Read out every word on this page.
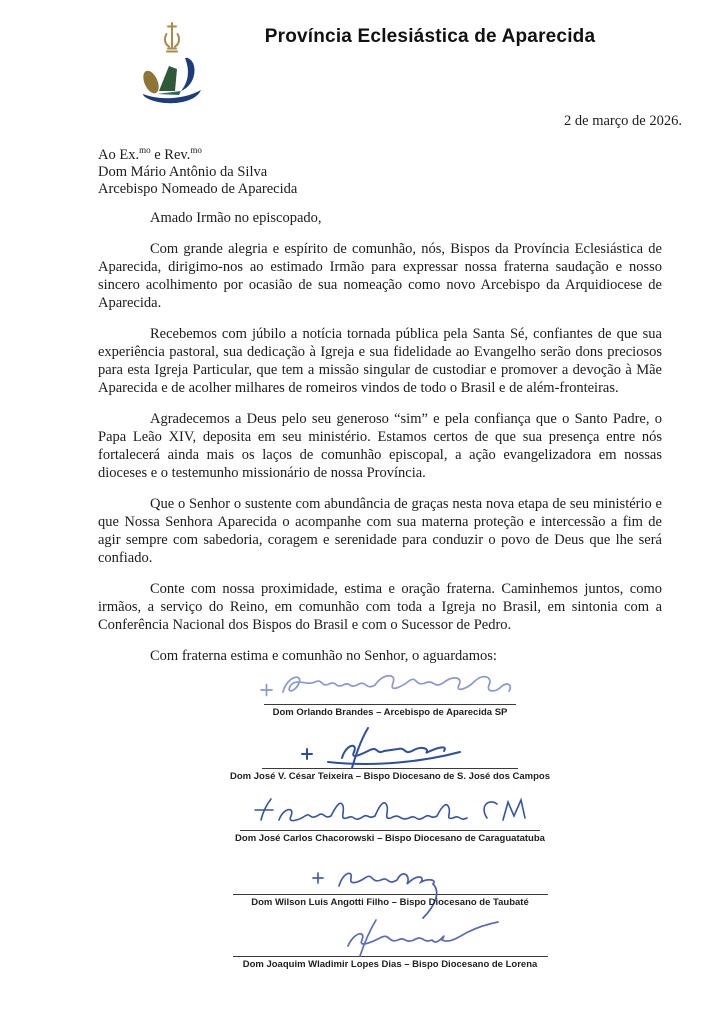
Província Eclesiástica de Aparecida
2 de março de 2026.
Ao Ex.$^{mo}$ e Rev.$^{mo}$
Dom Mário Antônio da Silva
Arcebispo Nomeado de Aparecida

Amado Irmão no episcopado,

Com grande alegria e espírito de comunhão, nós, Bispos da Província Eclesiástica de Aparecida, dirigimo-nos ao estimado Irmão para expressar nossa fraterna saudação e nosso sincero acolhimento por ocasião de sua nomeação como novo Arcebispo da Arquidiocese de Aparecida.

Recebemos com júbilo a notícia tornada pública pela Santa Sé, confiantes de que sua experiência pastoral, sua dedicação à Igreja e sua fidelidade ao Evangelho serão dons preciosos para esta Igreja Particular, que tem a missão singular de custodiar e promover a devoção à Mãe Aparecida e de acolher milhares de romeiros vindos de todo o Brasil e de além-fronteiras.

Agradecemos a Deus pelo seu generoso “sim” e pela confiança que o Santo Padre, o Papa Leão XIV, deposita em seu ministério. Estamos certos de que sua presença entre nós fortalecerá ainda mais os laços de comunhão episcopal, a ação evangelizadora em nossas dioceses e o testemunho missionário de nossa Província.

Que o Senhor o sustente com abundância de graças nesta nova etapa de seu ministério e que Nossa Senhora Aparecida o acompanhe com sua materna proteção e intercessão a fim de agir sempre com sabedoria, coragem e serenidade para conduzir o povo de Deus que lhe será confiado.

Conte com nossa proximidade, estima e oração fraterna. Caminhemos juntos, como irmãos, a serviço do Reino, em comunhão com toda a Igreja no Brasil, em sintonia com a Conferência Nacional dos Bispos do Brasil e com o Sucessor de Pedro.

Com fraterna estima e comunhão no Senhor, o aguardamos:

Dom Orlando Brandes – Arcebispo de Aparecida SP
Dom José V. César Teixeira – Bispo Diocesano de S. José dos Campos
Dom José Carlos Chacorowski – Bispo Diocesano de Caraguatatuba
Dom Wilson Luis Angotti Filho – Bispo Diocesano de Taubaté
Dom Joaquim Wladimir Lopes Dias – Bispo Diocesano de Lorena
